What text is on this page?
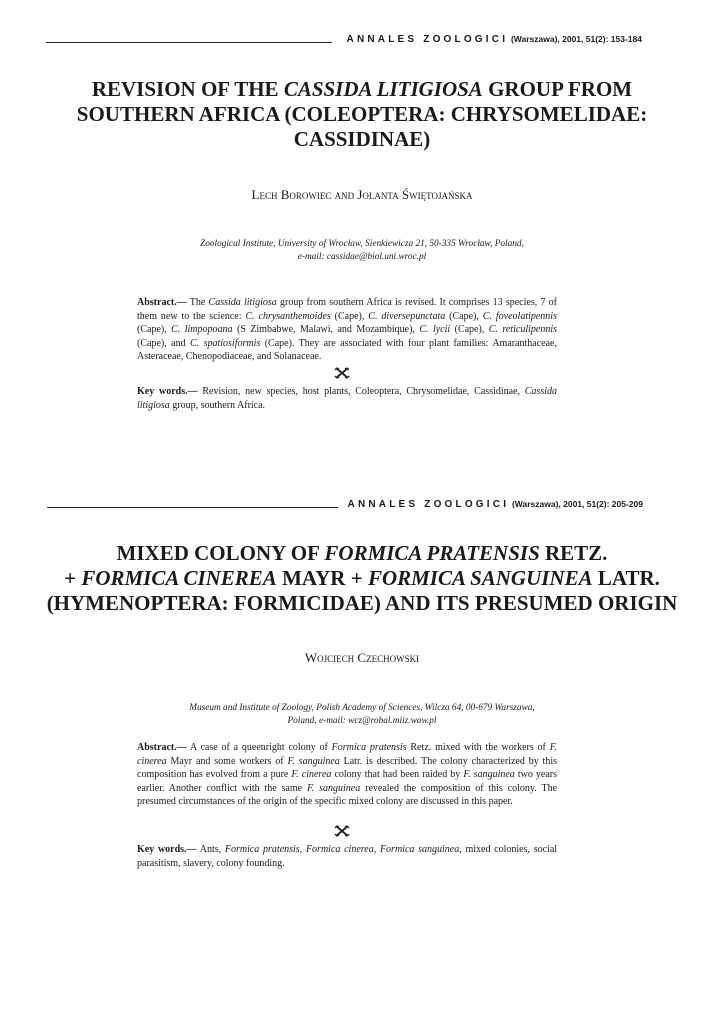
ANNALES ZOOLOGICI (Warszawa), 2001, 51(2): 153-184
REVISION OF THE CASSIDA LITIGIOSA GROUP FROM
SOUTHERN AFRICA (COLEOPTERA: CHRYSOMELIDAE:
CASSIDINAE)
Lech Borowiec and Jolanta Świętojańska
Zoological Institute, University of Wrocław, Sienkiewicza 21, 50-335 Wrocław, Poland,
e-mail: cassidae@biol.uni.wroc.pl
Abstract.— The Cassida litigiosa group from southern Africa is revised. It comprises 13 species, 7 of them new to the science: C. chrysanthemoides (Cape), C. diversepunctata (Cape), C. foveolatipennis (Cape), C. limpopoana (S Zimbabwe, Malawi, and Mozambique), C. lycii (Cape), C. reticulipennis (Cape), and C. spatiosiformis (Cape). They are associated with four plant families: Amaranthaceae, Asteraceae, Chenopodiaceae, and Solanaceae.
Key words.— Revision, new species, host plants, Coleoptera, Chrysomelidae, Cassidinae, Cassida litigiosa group, southern Africa.
ANNALES ZOOLOGICI (Warszawa), 2001, 51(2): 205-209
MIXED COLONY OF FORMICA PRATENSIS RETZ.
+ FORMICA CINEREA MAYR + FORMICA SANGUINEA LATR.
(HYMENOPTERA: FORMICIDAE) AND ITS PRESUMED ORIGIN
Wojciech Czechowski
Museum and Institute of Zoology, Polish Academy of Sciences, Wilcza 64, 00-679 Warszawa,
Poland, e-mail: wcz@robal.miiz.waw.pl
Abstract.— A case of a queenright colony of Formica pratensis Retz. mixed with the workers of F. cinerea Mayr and some workers of F. sanguinea Latr. is described. The colony characterized by this composition has evolved from a pure F. cinerea colony that had been raided by F. sanguinea two years earlier. Another conflict with the same F. sanguinea revealed the composition of this colony. The presumed circumstances of the origin of the specific mixed colony are discussed in this paper.
Key words.— Ants, Formica pratensis, Formica cinerea, Formica sanguinea, mixed colonies, social parasitism, slavery, colony founding.
